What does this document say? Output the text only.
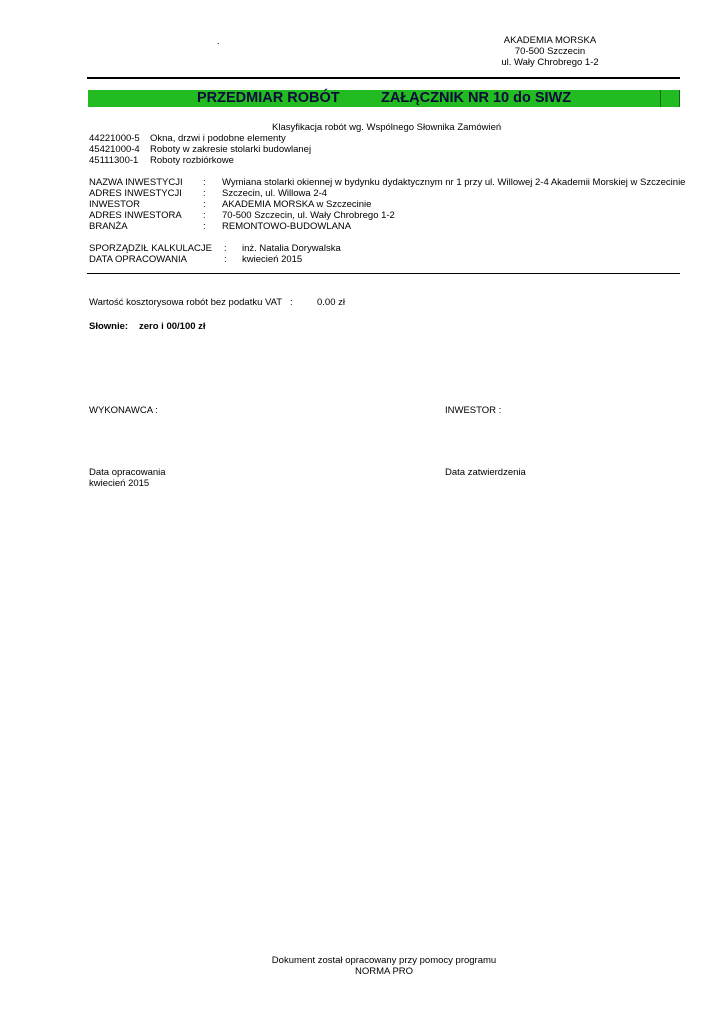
.	AKADEMIA MORSKA
70-500 Szczecin
ul. Wały Chrobrego 1-2
PRZEDMIAR ROBÓT	ZAŁĄCZNIK NR 10 do SIWZ
Klasyfikacja robót wg. Wspólnego Słownika Zamówień
44221000-5 Okna, drzwi i podobne elementy
45421000-4 Roboty w zakresie stolarki budowlanej
45111300-1 Roboty rozbiórkowe
NAZWA INWESTYCJI : Wymiana stolarki okiennej w bydynku dydaktycznym nr 1 przy ul. Willowej 2-4 Akademii Morskiej w Szczecinie
ADRES INWESTYCJI : Szczecin, ul. Willowa 2-4
INWESTOR	: AKADEMIA MORSKA w Szczecinie
ADRES INWESTORA : 70-500 Szczecin, ul. Wały Chrobrego 1-2
BRANŻA	: REMONTOWO-BUDOWLANA
SPORZĄDZIŁ KALKULACJE : inż. Natalia Dorywalska
DATA OPRACOWANIA	: kwiecień 2015
Wartość kosztorysowa robót bez podatku VAT :	0.00 zł
Słownie: zero i 00/100 zł
WYKONAWCA :	INWESTOR :
Data opracowania
kwiecień 2015
Data zatwierdzenia
Dokument został opracowany przy pomocy programu
NORMA PRO
